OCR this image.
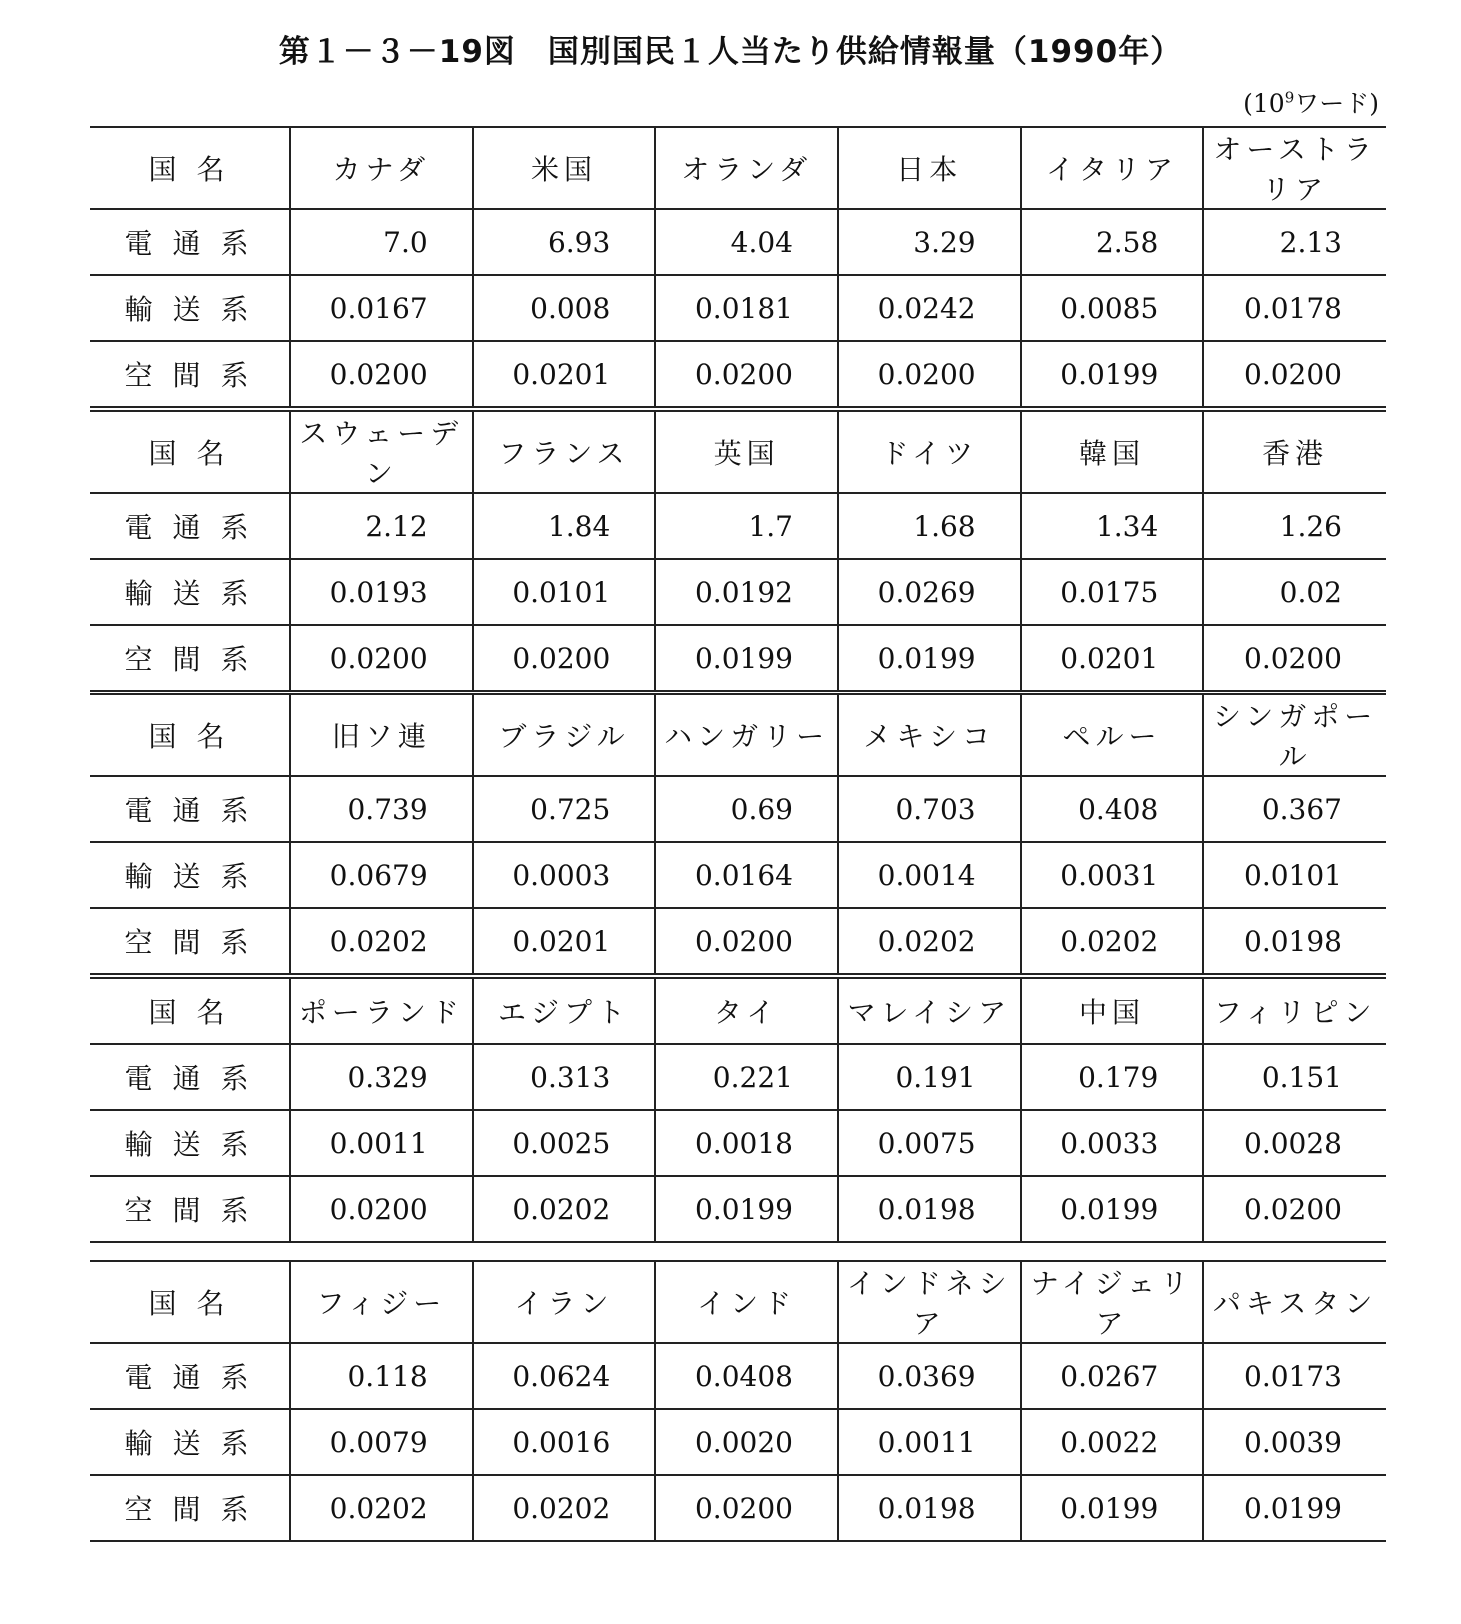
第１－３－19図　国別国民１人当たり供給情報量（1990年）
($10^9$ワード)
国名	カナダ	米国	オランダ	日本	イタリア	オーストラリア
電通系	7.0	6.93	4.04	3.29	2.58	2.13
輸送系	0.0167	0.008	0.0181	0.0242	0.0085	0.0178
空間系	0.0200	0.0201	0.0200	0.0200	0.0199	0.0200
国名	スウェーデン	フランス	英国	ドイツ	韓国	香港
電通系	2.12	1.84	1.7	1.68	1.34	1.26
輸送系	0.0193	0.0101	0.0192	0.0269	0.0175	0.02
空間系	0.0200	0.0200	0.0199	0.0199	0.0201	0.0200
国名	旧ソ連	ブラジル	ハンガリー	メキシコ	ペルー	シンガポール
電通系	0.739	0.725	0.69	0.703	0.408	0.367
輸送系	0.0679	0.0003	0.0164	0.0014	0.0031	0.0101
空間系	0.0202	0.0201	0.0200	0.0202	0.0202	0.0198
国名	ポーランド	エジプト	タイ	マレイシア	中国	フィリピン
電通系	0.329	0.313	0.221	0.191	0.179	0.151
輸送系	0.0011	0.0025	0.0018	0.0075	0.0033	0.0028
空間系	0.0200	0.0202	0.0199	0.0198	0.0199	0.0200
国名	フィジー	イラン	インド	インドネシア	ナイジェリア	パキスタン
電通系	0.118	0.0624	0.0408	0.0369	0.0267	0.0173
輸送系	0.0079	0.0016	0.0020	0.0011	0.0022	0.0039
空間系	0.0202	0.0202	0.0200	0.0198	0.0199	0.0199
